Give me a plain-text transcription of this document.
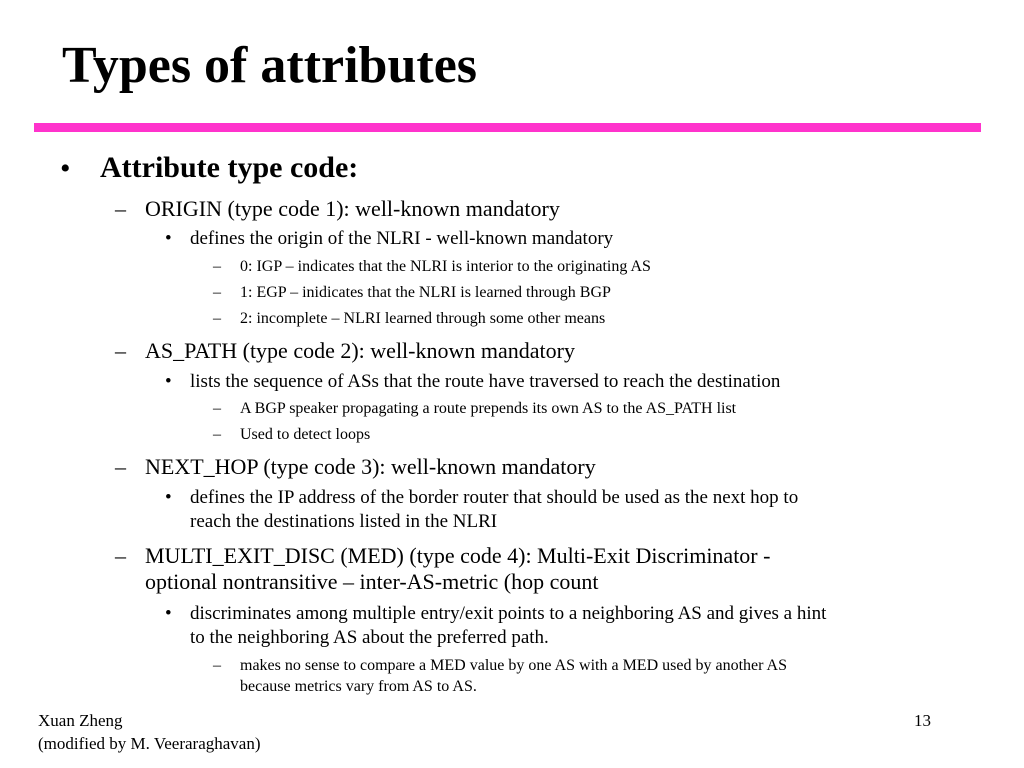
Types of attributes
• Attribute type code:
– ORIGIN (type code 1): well-known mandatory
• defines the origin of the NLRI - well-known mandatory
– 0: IGP – indicates that the NLRI is interior to the originating AS
– 1: EGP – inidicates that the NLRI is learned through BGP
– 2: incomplete – NLRI learned through some other means
– AS_PATH (type code 2): well-known mandatory
• lists the sequence of ASs that the route have traversed to reach the destination
– A BGP speaker propagating a route prepends its own AS to the AS_PATH list
– Used to detect loops
– NEXT_HOP (type code 3): well-known mandatory
• defines the IP address of the border router that should be used as the next hop to
reach the destinations listed in the NLRI
– MULTI_EXIT_DISC (MED) (type code 4): Multi-Exit Discriminator -
optional nontransitive – inter-AS-metric (hop count
• discriminates among multiple entry/exit points to a neighboring AS and gives a hint
to the neighboring AS about the preferred path.
– makes no sense to compare a MED value by one AS with a MED used by another AS
because metrics vary from AS to AS.
Xuan Zheng
(modified by M. Veeraraghavan)
13
